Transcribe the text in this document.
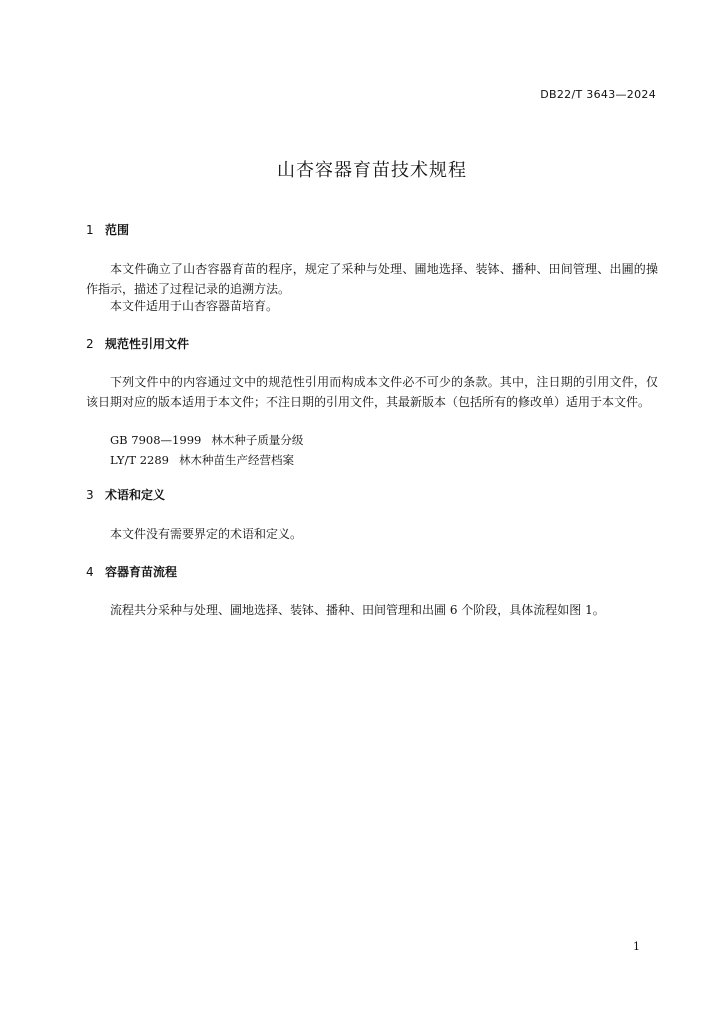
DB22/T 3643—2024

山杏容器育苗技术规程
1 范围

本文件确立了山杏容器育苗的程序，规定了采种与处理、圃地选择、装钵、播种、田间管理、出圃的操作指示，描述了过程记录的追溯方法。

本文件适用于山杏容器苗培育。

2 规范性引用文件

下列文件中的内容通过文中的规范性引用而构成本文件必不可少的条款。其中，注日期的引用文件，仅该日期对应的版本适用于本文件；不注日期的引用文件，其最新版本（包括所有的修改单）适用于本文件。

GB 7908—1999 林木种子质量分级

LY/T 2289 林木种苗生产经营档案

3 术语和定义

本文件没有需要界定的术语和定义。

4 容器育苗流程

流程共分采种与处理、圃地选择、装钵、播种、田间管理和出圃 6 个阶段，具体流程如图 1。

1
